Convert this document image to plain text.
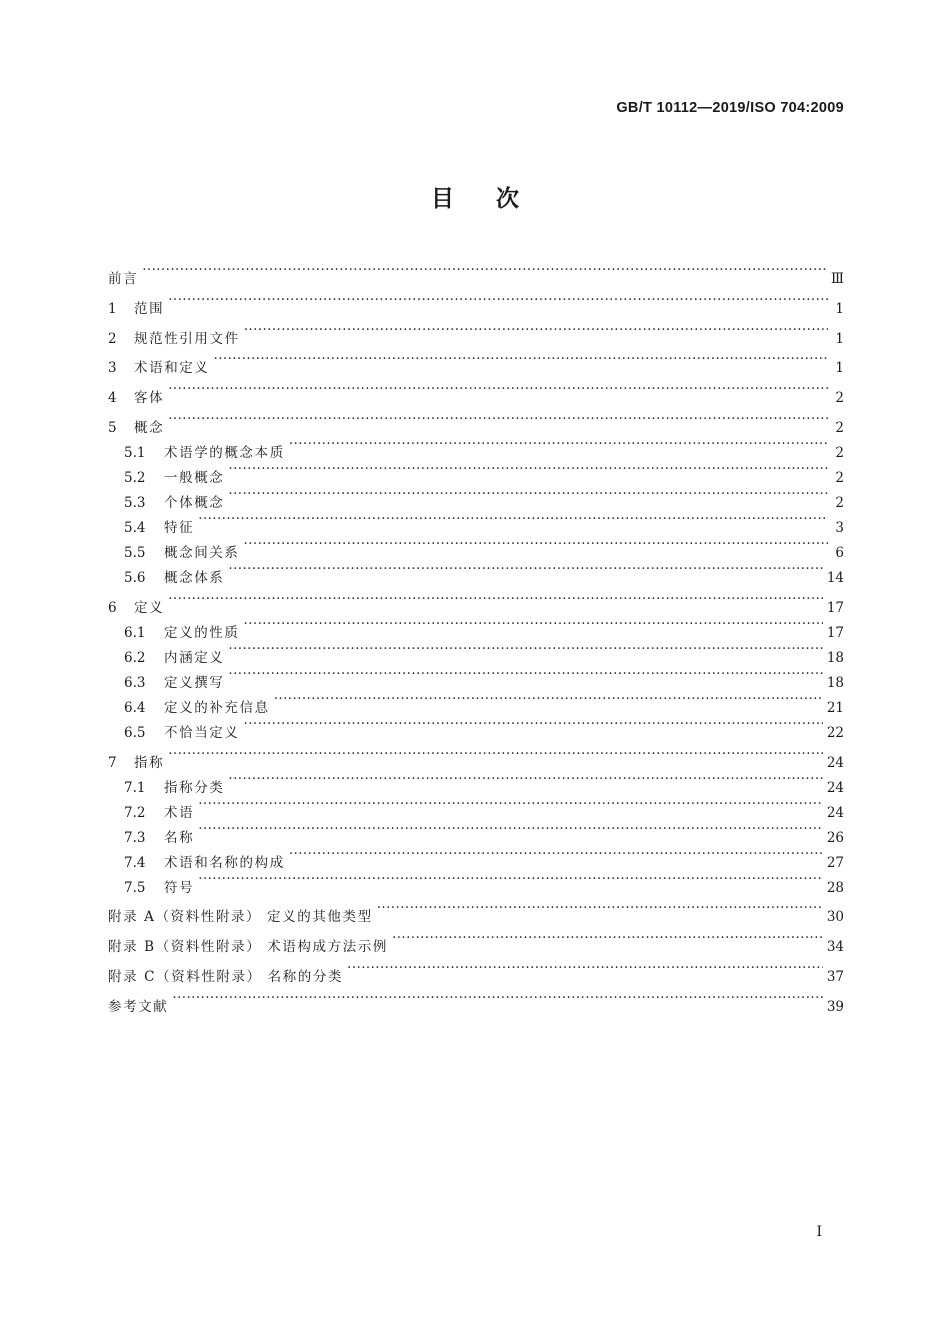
GB/T 10112—2019/ISO 704:2009
目次
前言 ·····	Ⅲ
1	范围 ·····	1
2	规范性引用文件 ·····	1
3	术语和定义 ·····	1
4	客体 ·····	2
5	概念 ·····	2
5.1	术语学的概念本质 ·····	2
5.2	一般概念 ·····	2
5.3	个体概念 ·····	2
5.4	特征 ·····	3
5.5	概念间关系 ·····	6
5.6	概念体系 ·····	14
6	定义 ·····	17
6.1	定义的性质 ·····	17
6.2	内涵定义 ·····	18
6.3	定义撰写 ·····	18
6.4	定义的补充信息 ·····	21
6.5	不恰当定义 ·····	22
7	指称 ·····	24
7.1	指称分类 ·····	24
7.2	术语 ·····	24
7.3	名称 ·····	26
7.4	术语和名称的构成 ·····	27
7.5	符号 ·····	28
附录 A（资料性附录） 定义的其他类型 ·····	30
附录 B（资料性附录） 术语构成方法示例 ·····	34
附录 C（资料性附录） 名称的分类 ·····	37
参考文献 ·····	39
Ⅰ
